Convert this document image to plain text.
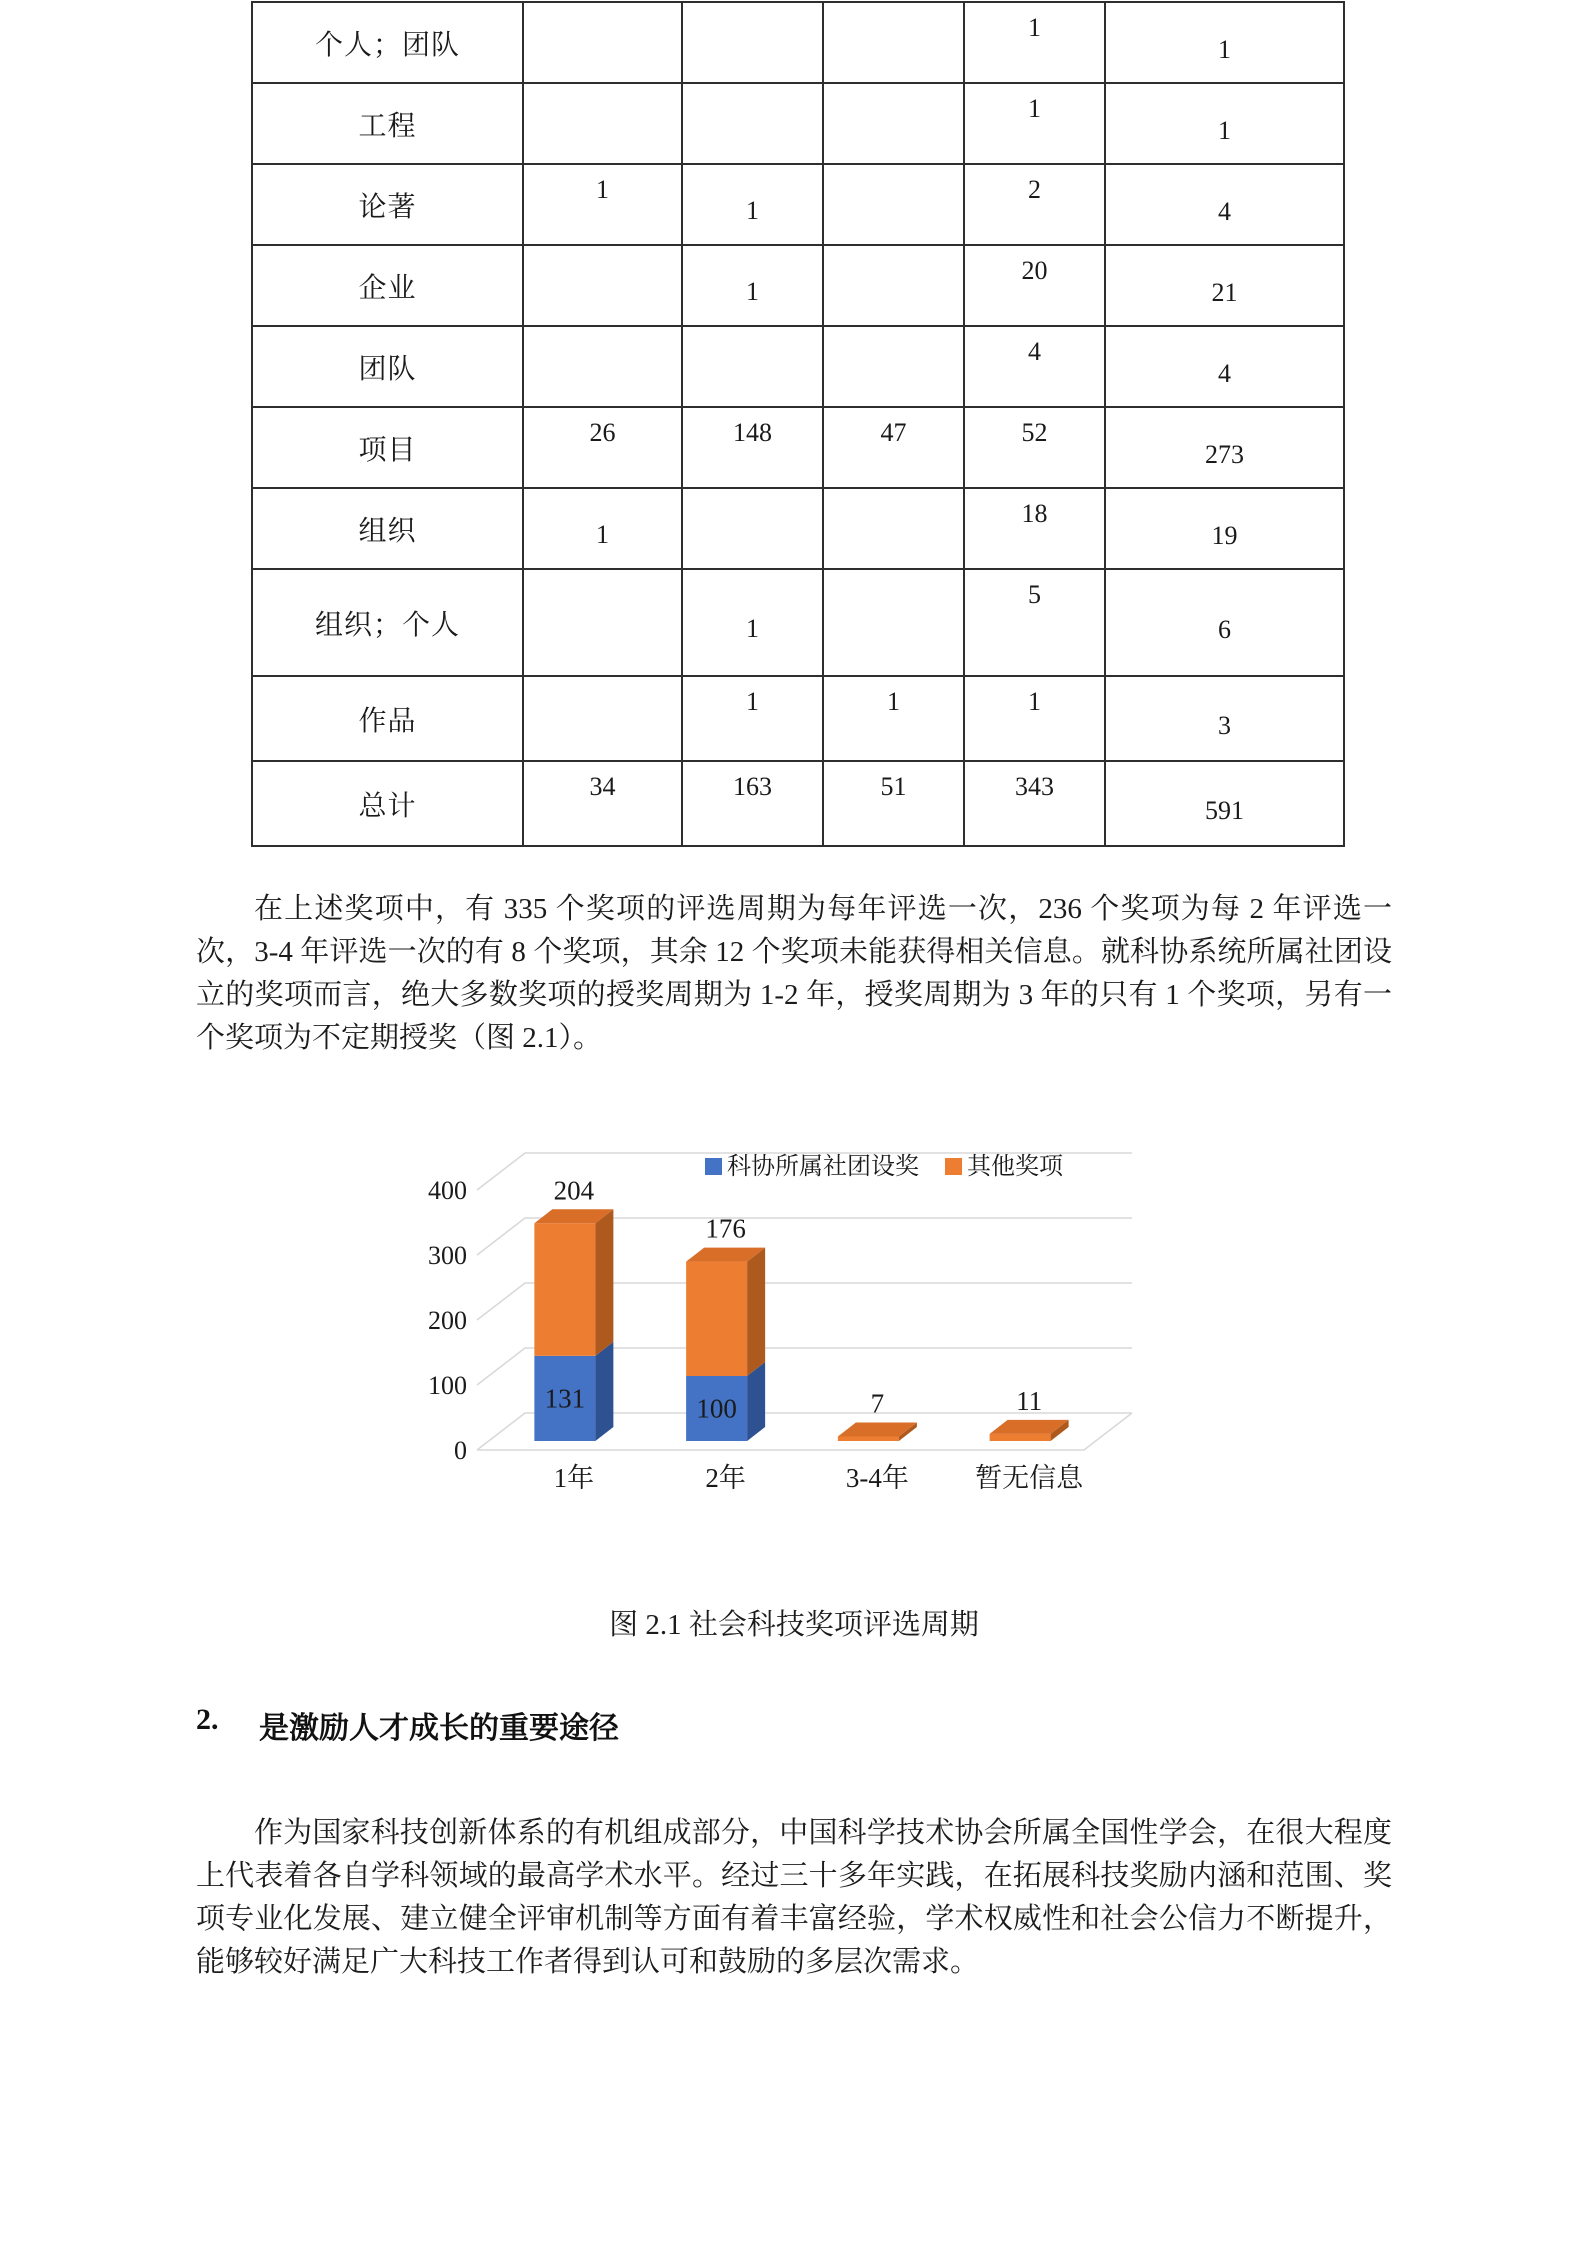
个人；团队				1	1
工程				1	1
论著	1	1		2	4
企业		1		20	21
团队				4	4
项目	26	148	47	52	273
组织	1			18	19
组织；个人		1		5	6
作品		1	1	1	3
总计	34	163	51	343	591
在上述奖项中，有 335 个奖项的评选周期为每年评选一次，236 个奖项为每 2 年评选一次，3-4 年评选一次的有 8 个奖项，其余 12 个奖项未能获得相关信息。就科协系统所属社团设立的奖项而言，绝大多数奖项的授奖周期为 1-2 年，授奖周期为 3 年的只有 1 个奖项，另有一个奖项为不定期授奖（图 2.1）。
0
100
200
300
400
131
204
1年
100
176
2年
7
3-4年
11
暂无信息
科协所属社团设奖 其他奖项
图 2.1 社会科技奖项评选周期
2.	是激励人才成长的重要途径
作为国家科技创新体系的有机组成部分，中国科学技术协会所属全国性学会，在很大程度上代表着各自学科领域的最高学术水平。经过三十多年实践，在拓展科技奖励内涵和范围、奖项专业化发展、建立健全评审机制等方面有着丰富经验，学术权威性和社会公信力不断提升，能够较好满足广大科技工作者得到认可和鼓励的多层次需求。
